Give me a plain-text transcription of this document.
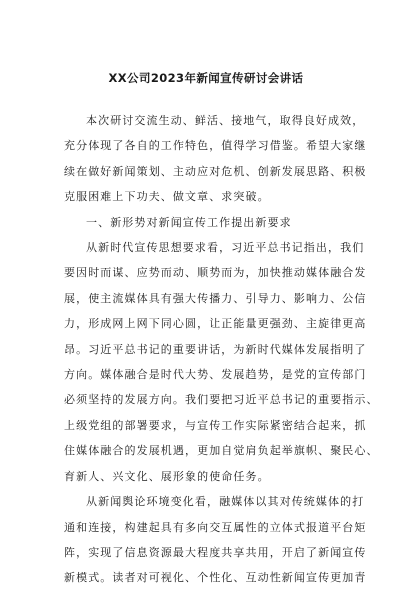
XX公司2023年新闻宣传研讨会讲话

本次研讨交流生动、鲜活、接地气，取得良好成效，
充分体现了各自的工作特色，值得学习借鉴。希望大家继
续在做好新闻策划、主动应对危机、创新发展思路、积极
克服困难上下功夫、做文章、求突破。

一、新形势对新闻宣传工作提出新要求

从新时代宣传思想要求看，习近平总书记指出，我们
要因时而谋、应势而动、顺势而为，加快推动媒体融合发
展，使主流媒体具有强大传播力、引导力、影响力、公信
力，形成网上网下同心圆，让正能量更强劲、主旋律更高
昂。习近平总书记的重要讲话，为新时代媒体发展指明了
方向。媒体融合是时代大势、发展趋势，是党的宣传部门
必须坚持的发展方向。我们要把习近平总书记的重要指示、
上级党组的部署要求，与宣传工作实际紧密结合起来，抓
住媒体融合的发展机遇，更加自觉肩负起举旗帜、聚民心、
育新人、兴文化、展形象的使命任务。

从新闻舆论环境变化看，融媒体以其对传统媒体的打
通和连接，构建起具有多向交互属性的立体式报道平台矩
阵，实现了信息资源最大程度共享共用，开启了新闻宣传
新模式。读者对可视化、个性化、互动性新闻宣传更加青
